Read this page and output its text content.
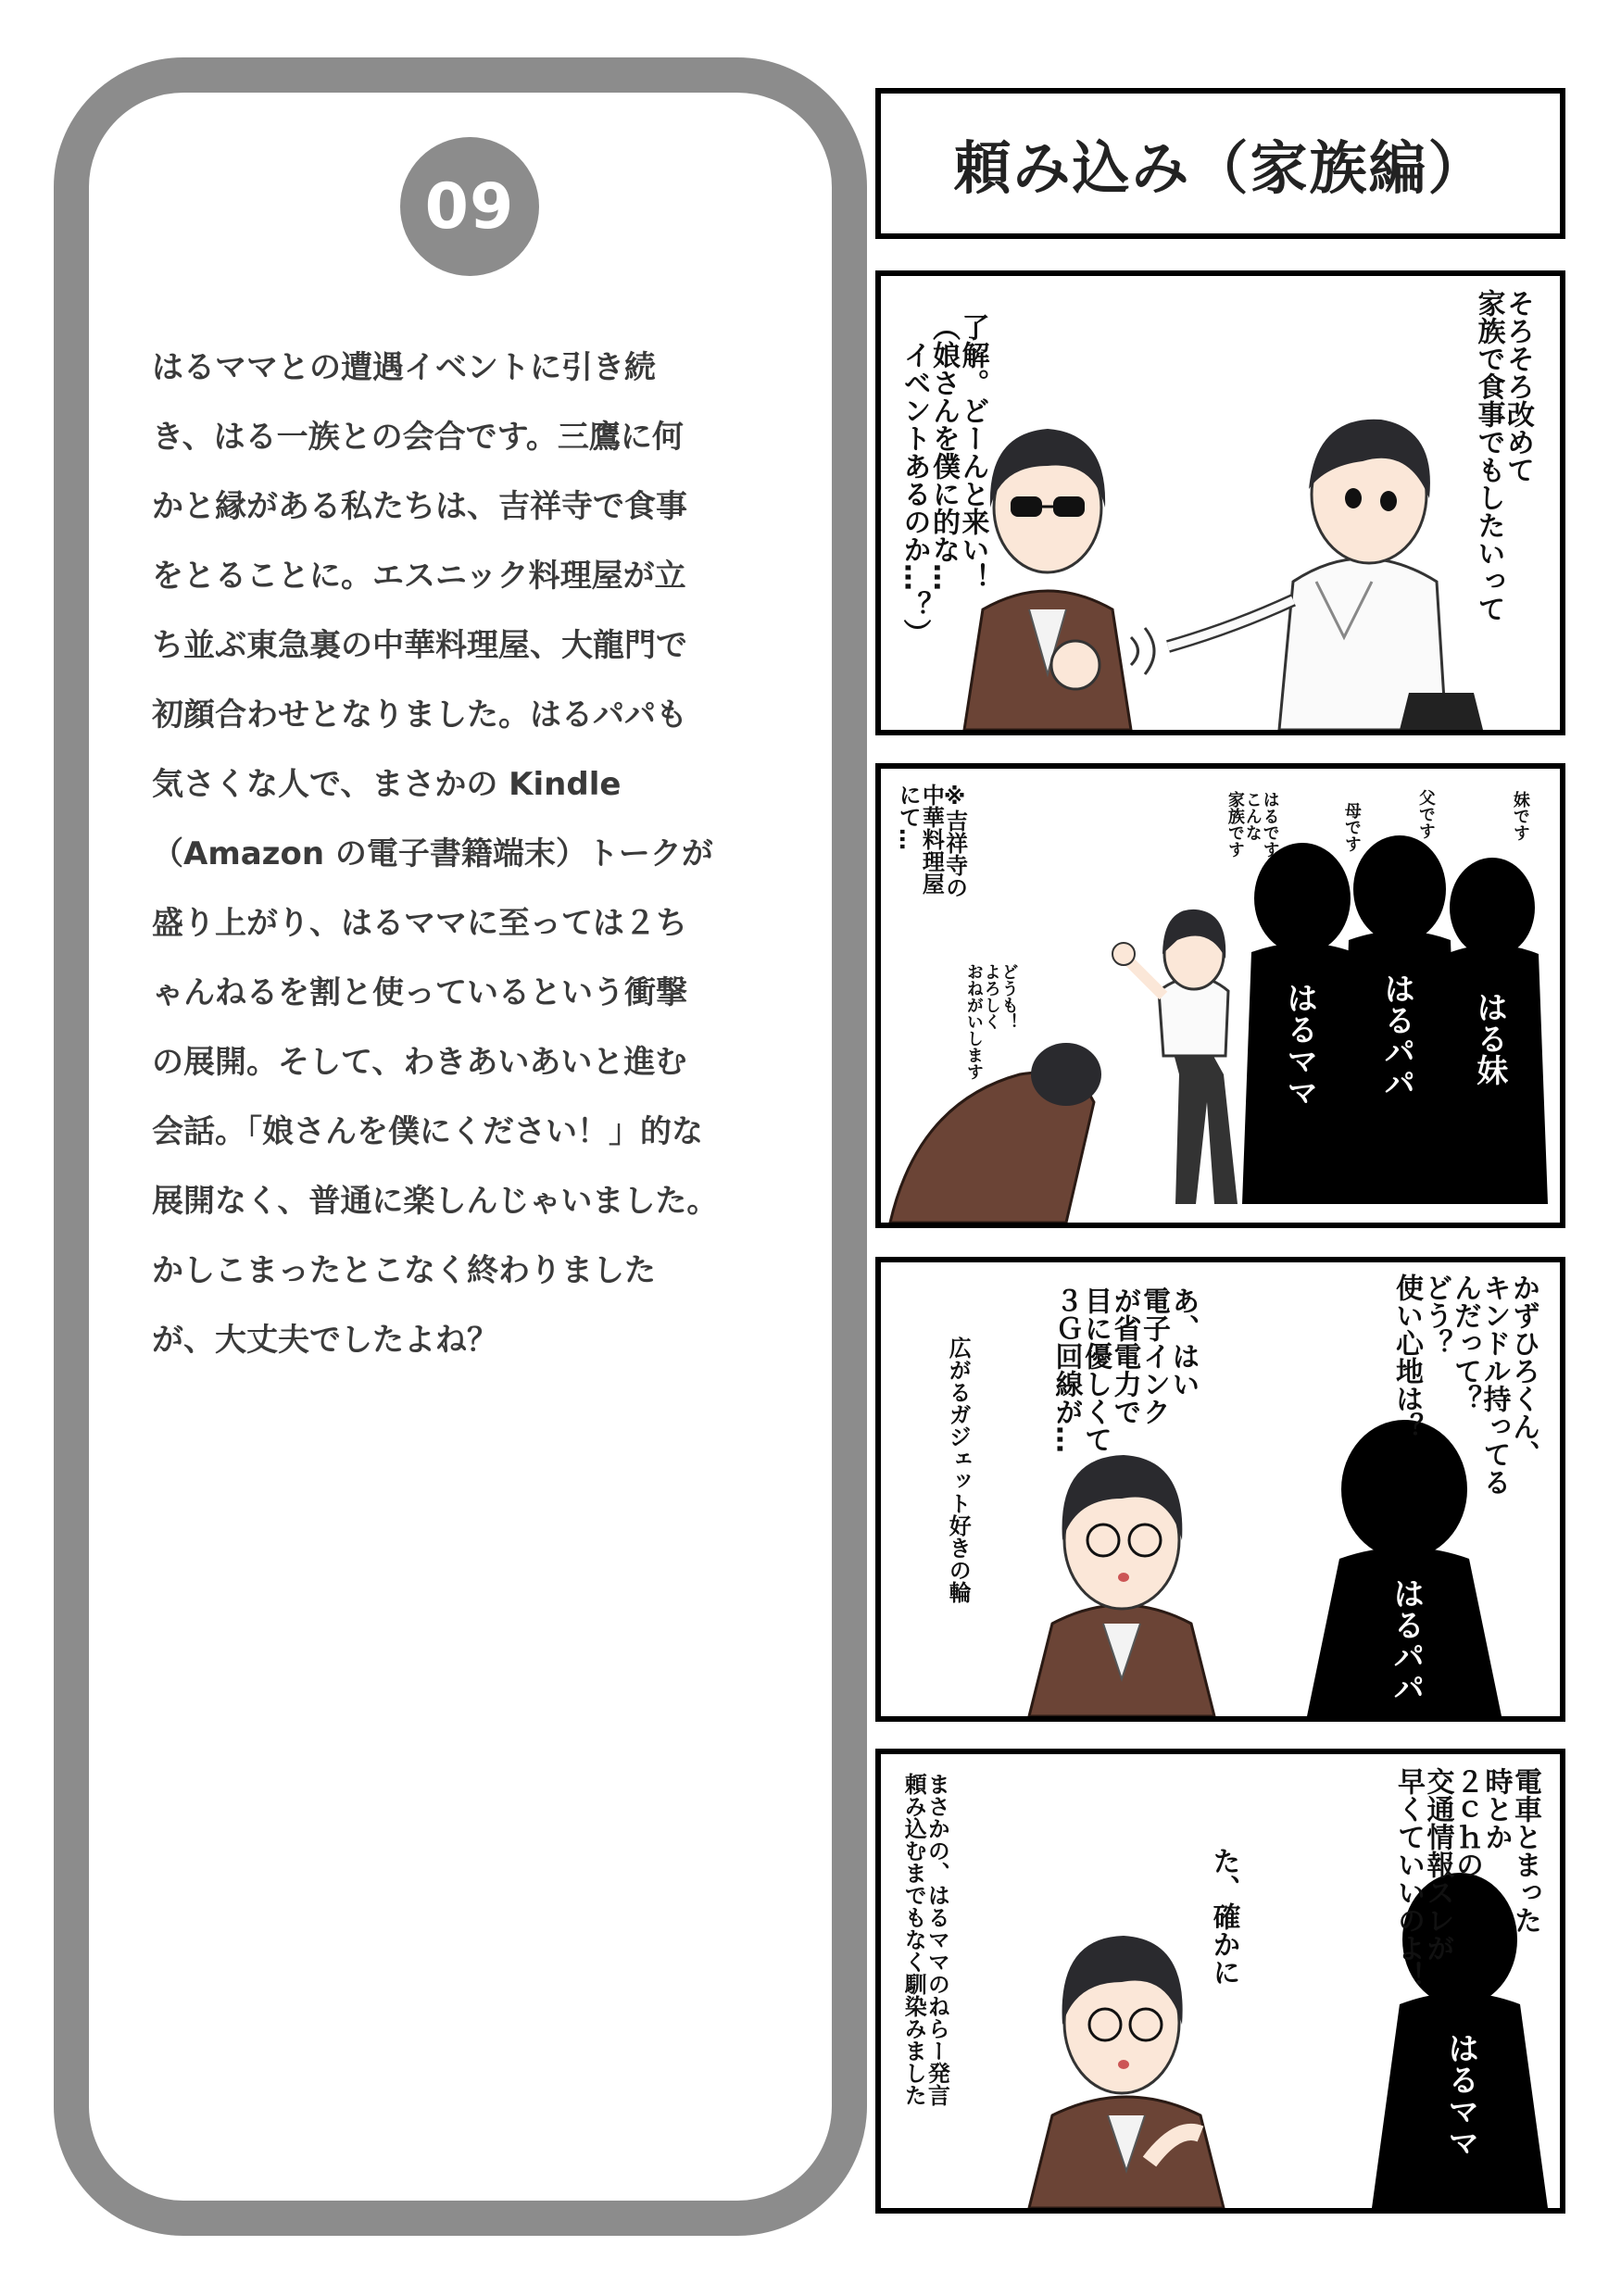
09
はるママとの遭遇イベントに引き続
き、はる一族との会合です。三鷹に何
かと縁がある私たちは、吉祥寺で食事
をとることに。エスニック料理屋が立
ち並ぶ東急裏の中華料理屋、大龍門で
初顔合わせとなりました。はるパパも
気さくな人で、まさかの Kindle
（Amazon の電子書籍端末）トークが
盛り上がり、はるママに至っては２ち
ゃんねるを割と使っているという衝撃
の展開。そして、わきあいあいと進む
会話。「娘さんを僕にください！」的な
展開なく、普通に楽しんじゃいました。
かしこまったとこなく終わりました
が、大丈夫でしたよね？
頼み込み（家族編）
そろそろ改めて
家族で食事でもしたいって
了解。どーんと来い！
（娘さんを僕に的な…
　イベントあるのか…？）
妹です
父です
母です
はるです
こんな
家族です
※吉祥寺の
中華料理屋
にて…
どうも！
よろしく
おねがいします	はる妹
はるパパ
はるママ
かずひろくん、
キンドル持ってる
んだって？
どう？
使い心地は？
あ、はい
電子インク
が省電力で
目に優しくて
３Ｇ回線が…
広がるガジェット好きの輪
はるパパ
電車とまった
時とか
２ｃｈの
交通情報スレが
早くていいのよ！
た、確かに
まさかの、はるママのねらー発言
頼み込むまでもなく馴染みました	はるママ
